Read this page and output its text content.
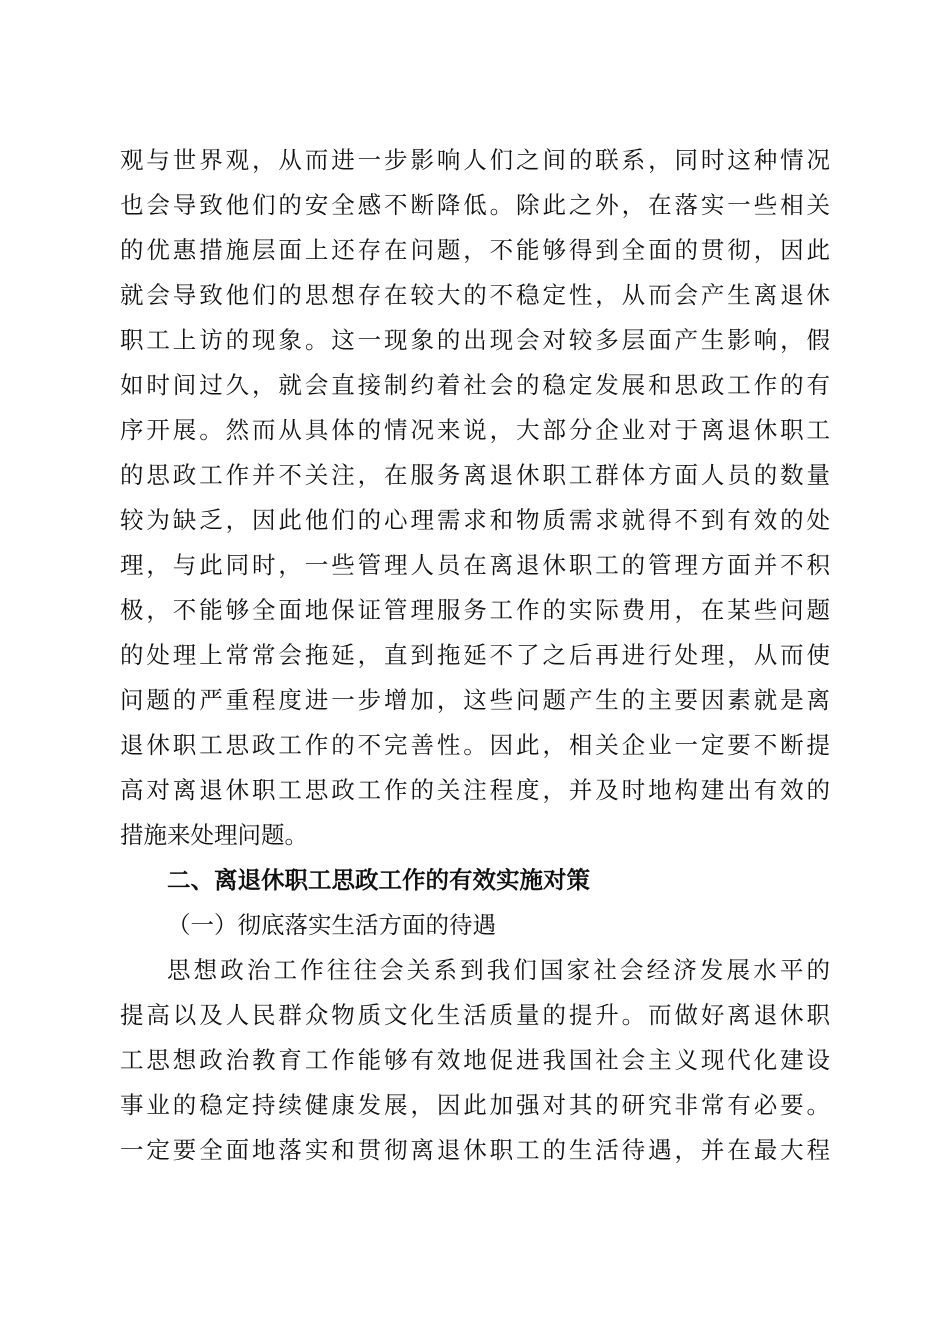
观与世界观，从而进一步影响人们之间的联系，同时这种情况
也会导致他们的安全感不断降低。除此之外，在落实一些相关
的优惠措施层面上还存在问题，不能够得到全面的贯彻，因此
就会导致他们的思想存在较大的不稳定性，从而会产生离退休
职工上访的现象。这一现象的出现会对较多层面产生影响，假
如时间过久，就会直接制约着社会的稳定发展和思政工作的有
序开展。然而从具体的情况来说，大部分企业对于离退休职工
的思政工作并不关注，在服务离退休职工群体方面人员的数量
较为缺乏，因此他们的心理需求和物质需求就得不到有效的处
理，与此同时，一些管理人员在离退休职工的管理方面并不积
极，不能够全面地保证管理服务工作的实际费用，在某些问题
的处理上常常会拖延，直到拖延不了之后再进行处理，从而使
问题的严重程度进一步增加，这些问题产生的主要因素就是离
退休职工思政工作的不完善性。因此，相关企业一定要不断提
高对离退休职工思政工作的关注程度，并及时地构建出有效的
措施来处理问题。
二、离退休职工思政工作的有效实施对策
（一）彻底落实生活方面的待遇
思想政治工作往往会关系到我们国家社会经济发展水平的
提高以及人民群众物质文化生活质量的提升。而做好离退休职
工思想政治教育工作能够有效地促进我国社会主义现代化建设
事业的稳定持续健康发展，因此加强对其的研究非常有必要。
一定要全面地落实和贯彻离退休职工的生活待遇，并在最大程
